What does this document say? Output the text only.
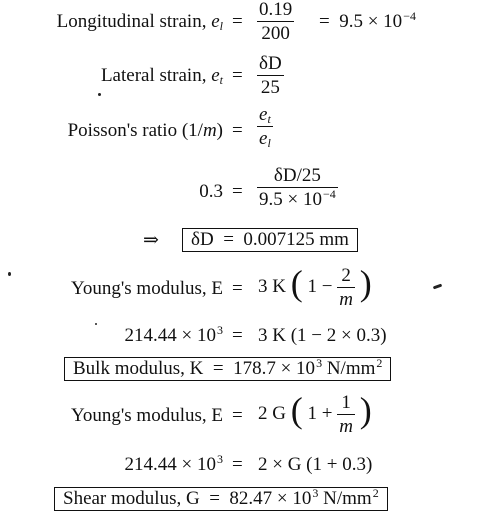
Longitudinal strain, $e_l = \frac{0.19}{200} = 9.5 \times 10^{-4}$
Lateral strain, $e_t = \frac{\delta D}{25}$
Poisson's ratio $(1/m) = \frac{e_t}{e_l}$
$0.3 = \frac{\delta D/25}{9.5 \times 10^{-4}}$
⇒	δD = 0.007125 mm
Young's modulus, E = 3 K ( $1 - \frac{2}{m}$ )
$214.44 \times 10^3 = 3$ K (1 − 2 × 0.3)
Bulk modulus, $K = 178.7 \times 10^3$ $N/mm^2$
Young's modulus, E = 2 G ( $1 + \frac{1}{m}$ )
$214.44 \times 10^3 = 2 \times G$ (1 + 0.3)
Shear modulus, $G = 82.47 \times 10^3$ $N/mm^2$
